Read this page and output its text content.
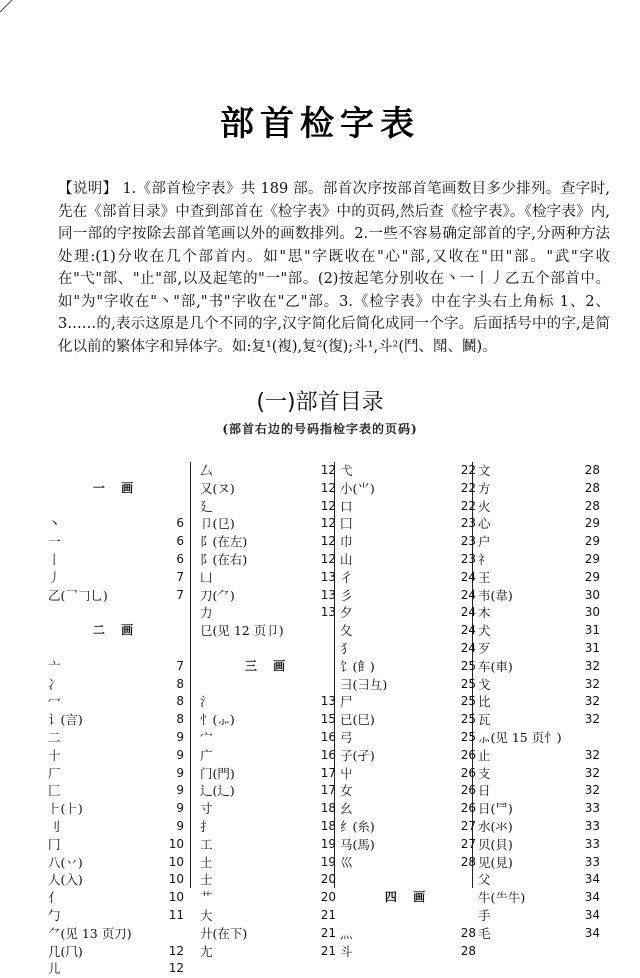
部首检字表
【说明】 1.《部首检字表》共 189 部。部首次序按部首笔画数目多少排列。查字时,先在《部首目录》中查到部首在《检字表》中的页码,然后查《检字表》。《检字表》内,同一部的字按除去部首笔画以外的画数排列。2.一些不容易确定部首的字,分两种方法处理:(1)分收在几个部首内。如"思"字既收在"心"部,又收在"田"部。"武"字收在"弋"部、"止"部,以及起笔的"一"部。(2)按起笔分别收在丶一丨丿乙五个部首中。如"为"字收在"丶"部,"书"字收在"乙"部。3.《检字表》中在字头右上角标 1、2、3……的,表示这原是几个不同的字,汉字简化后简化成同一个字。后面括号中的字,是简化以前的繁体字和异体字。如:复¹(複),复²(復);斗¹,斗²(鬥、鬦、鬭)。
(一)部首目录
(部首右边的号码指检字表的页码)
一 画
丶	6
一	6
丨	6
丿	7
乙(乛𠃌乚)	7
二 画
亠	7
冫	8
冖	8
讠(言)	8
二	9
十	9
厂	9
匚	9
⺊(⺊)	9
刂	9
冂	10
八(丷)	10
人(入)	10
亻	10
勹	11
⺈(见 13 页刀)
几(⺇)	12
儿	12
厶	12
又(ヌ)	12
廴	12
卩(㔾)	12
阝(在左)	12
阝(在右)	12
凵	13
刀(⺈)	13
力	13
㔾(见 12 页卩)
三 画
氵	13
忄(⺗)	15
宀	16
广	16
门(門)	17
辶(辶)	17
寸	18
扌	18
工	19
土	19
士	20
艹	20
大	21
廾(在下)	21
尢	21
弋	22
小(⺌)	22
口	22
囗	23
巾	23
山	23
彳	24
彡	24
夕	24
夂	24
犭	24
饣(飠)	25
彐(⺕彑)	25
尸	25
已(巳)	25
弓	25
子(孑)	26
屮	26
女	26
幺	26
纟(糸)	27
马(馬)	27
巛	28
四 画
灬	28
斗	28
文	28
方	28
火	28
心	29
户	29
礻	29
王	29
韦(韋)	30
木	30
犬	31
歹	31
车(車)	32
戈	32
比	32
瓦	32
⺗(见 15 页忄)
止	32
支	32
日	32
日(⺜)	33
水(氺)	33
贝(貝)	33
见(見)	33
父	34
牛(⺧牛)	34
手	34
毛	34
